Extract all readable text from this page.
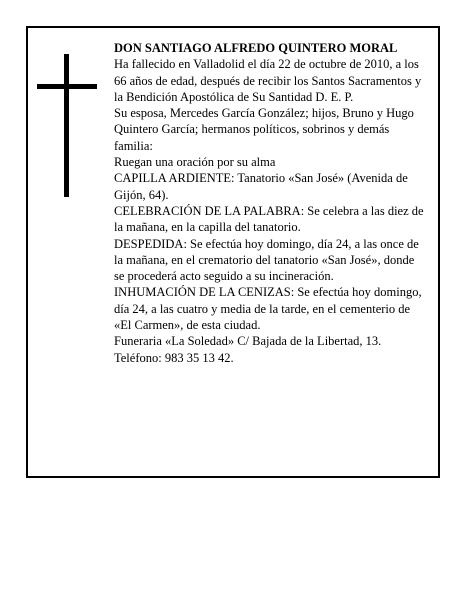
DON SANTIAGO ALFREDO QUINTERO MORAL

Ha fallecido en Valladolid el día 22 de octubre de 2010, a los 66 años de edad, después de recibir los Santos Sacramentos y la Bendición Apostólica de Su Santidad D. E. P.

Su esposa, Mercedes García González; hijos, Bruno y Hugo Quintero García; hermanos políticos, sobrinos y demás familia:

Ruegan una oración por su alma

CAPILLA ARDIENTE: Tanatorio «San José» (Avenida de Gijón, 64).

CELEBRACIÓN DE LA PALABRA: Se celebra a las diez de la mañana, en la capilla del tanatorio.

DESPEDIDA: Se efectúa hoy domingo, día 24, a las once de la mañana, en el crematorio del tanatorio «San José», donde se procederá acto seguido a su incineración.

INHUMACIÓN DE LA CENIZAS: Se efectúa hoy domingo, día 24, a las cuatro y media de la tarde, en el cementerio de «El Carmen», de esta ciudad.

Funeraria «La Soledad» C/ Bajada de la Libertad, 13. Teléfono: 983 35 13 42.
